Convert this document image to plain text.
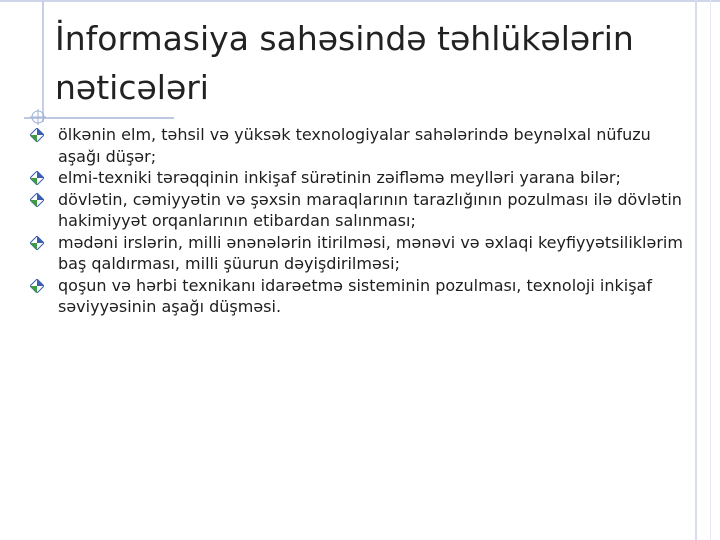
İnformasiya sahəsində təhlükələrin nəticələri
ölkənin elm, təhsil və yüksək texnologiyalar sahələrində beynəlxal nüfuzu aşağı düşər;
elmi-texniki tərəqqinin inkişaf sürətinin zəifləmə meylləri yarana bilər;
dövlətin, cəmiyyətin və şəxsin maraqlarının tarazlığının pozulması ilə dövlətin hakimiyyət orqanlarının etibardan salınması;
mədəni irslərin, milli ənənələrin itirilməsi, mənəvi və əxlaqi keyfiyyətsiliklərim baş qaldırması, milli şüurun dəyişdirilməsi;
qoşun və hərbi texnikanı idarəetmə sisteminin pozulması, texnoloji inkişaf səviyyəsinin aşağı düşməsi.
